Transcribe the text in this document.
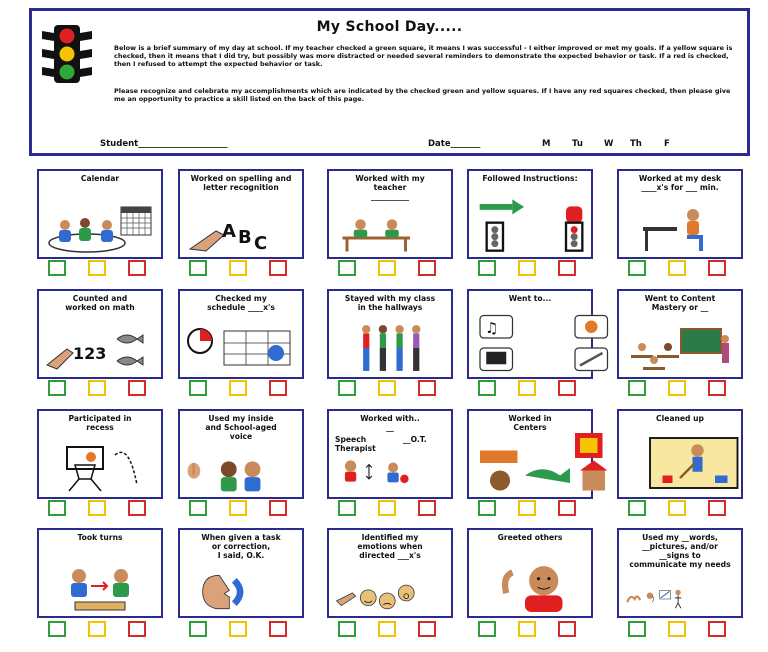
My School Day.....
Below is a brief summary of my day at school. If my teacher checked a green square, it means I was successful - I either improved or met my goals. If a yellow square is checked, then it means that I did try, but possibly was more distracted or needed several reminders to demonstrate the expected behavior or task. If a red is checked, then I refused to attempt the expected behavior or task.
Please recognize and celebrate my accomplishments which are indicated by the checked green and yellow squares. If I have any red squares checked, then please give me an opportunity to practice a skill listed on the back of this page.
Student_____________________	Date_______	M	Tu W Th	F
Calendar	Worked on spelling and
letter recognition
A B C
Worked with my
teacher
__________
Followed Instructions:	Worked at my desk
____x's for ___ min.
Counted and
worked on math
123
Checked my
schedule ____x's
Stayed with my class
in the hallways
Went to...
♫
Went to Content
Mastery or __
Participated in
recess
Used my inside
and School-aged
voice
Worked with..
__
Speech
Therapist
__O.T.
Worked in
Centers
Cleaned up
Took turns	When given a task
or correction,
I said, O.K.
Identified my
emotions when
directed ___x's
Greeted others	Used my __words,
__pictures, and/or
__signs to
communicate my needs
